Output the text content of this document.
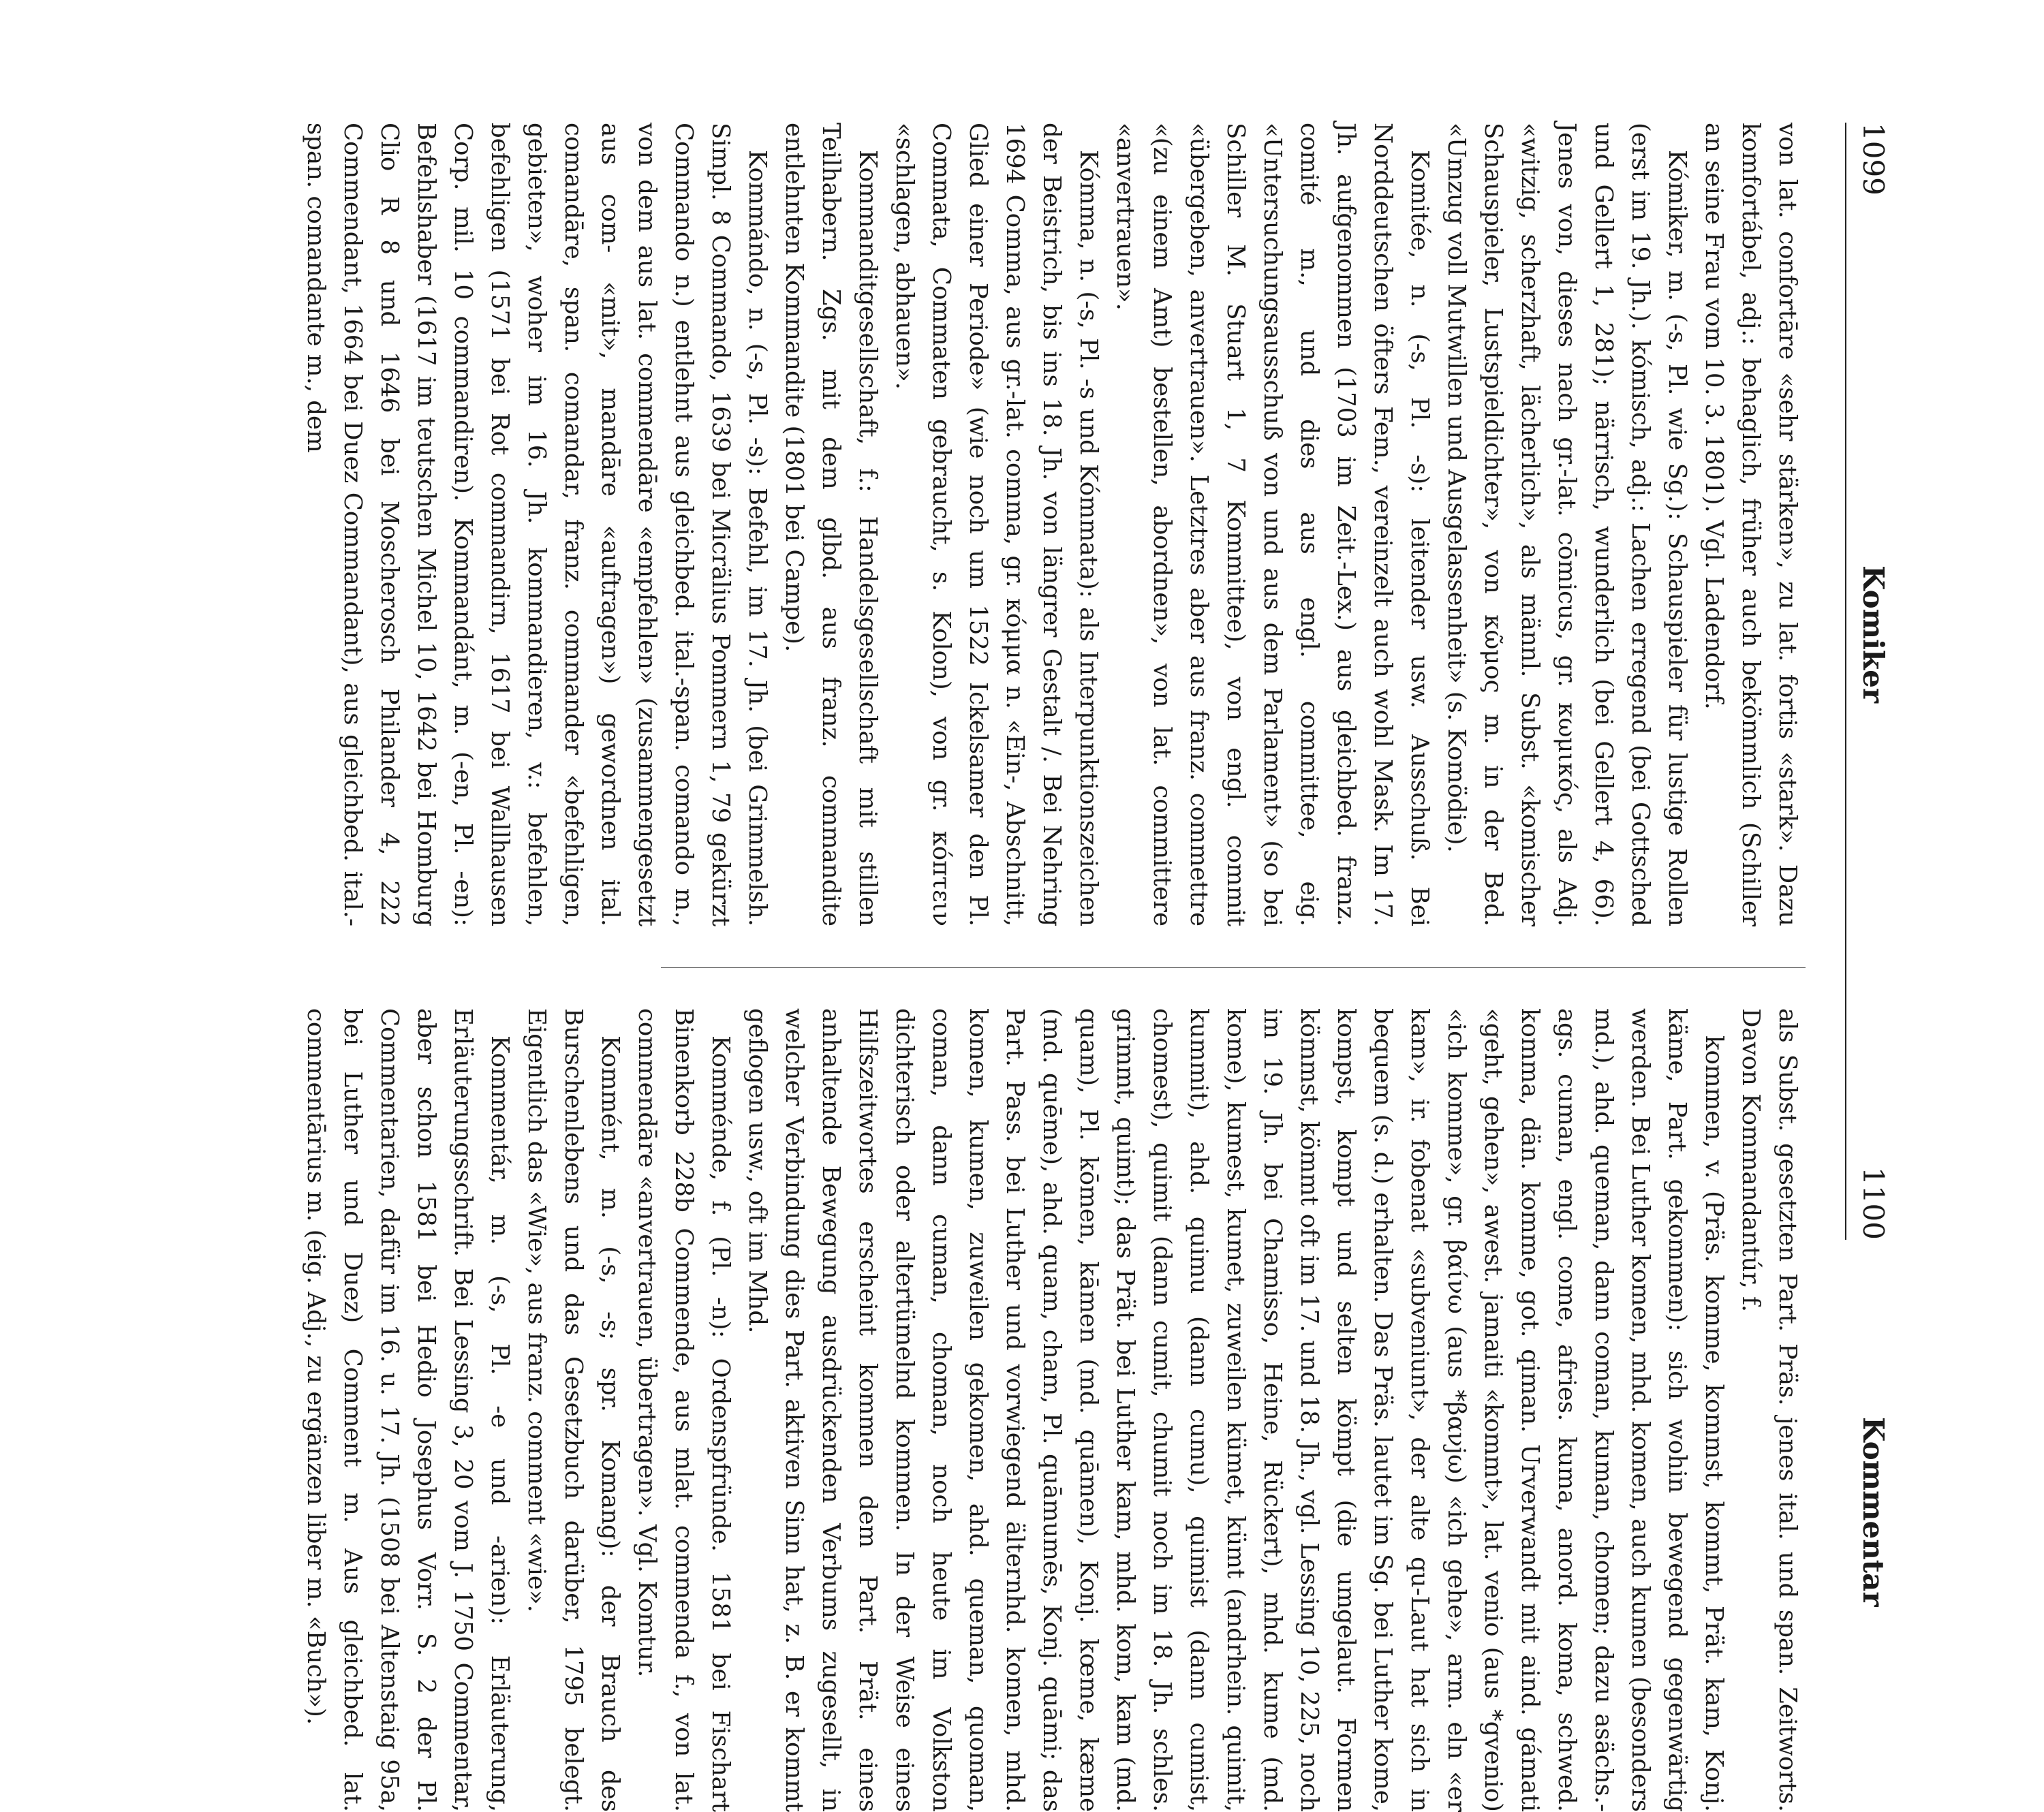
1099
Komiker
Kommentar
1100

von lat. confortāre «sehr stärken», zu lat. fortis «stark». Dazu komfortábel, adj.: behaglich, früher auch bekömmlich (Schiller an seine Frau vom 10. 3. 1801). Vgl. Ladendorf.

Kómiker, m. (-s, Pl. wie Sg.): Schauspieler für lustige Rollen (erst im 19. Jh.). kómisch, adj.: Lachen erregend (bei Gottsched und Gellert 1, 281); närrisch, wunderlich (bei Gellert 4, 66). Jenes von, dieses nach gr.-lat. cōmicus, gr. κωμικός, als Adj. «witzig, scherzhaft, lächerlich», als männl. Subst. «komischer Schauspieler, Lustspieldichter», von κῶμος m. in der Bed. «Umzug voll Mutwillen und Ausgelassenheit» (s. Komödie).

Komitée, n. (-s, Pl. -s): leitender usw. Ausschuß. Bei Norddeutschen öfters Fem., vereinzelt auch wohl Mask. Im 17. Jh. aufgenommen (1703 im Zeit.-Lex.) aus gleichbed. franz. comité m., und dies aus engl. committee, eig. «Untersuchungsausschuß von und aus dem Parlament» (so bei Schiller M. Stuart 1, 7 Kommittee), von engl. commit «übergeben, anvertrauen». Letztres aber aus franz. commettre «(zu einem Amt) bestellen, abordnen», von lat. committere «anvertrauen».

Kómma, n. (-s, Pl. -s und Kómmata): als Interpunktionszeichen der Beistrich, bis ins 18. Jh. von längrer Gestalt /. Bei Nehring 1694 Comma, aus gr.-lat. comma, gr. κόμμα n. «Ein-, Abschnitt, Glied einer Periode» (wie noch um 1522 Ickelsamer den Pl. Commata, Commaten gebraucht, s. Kolon), von gr. κόπτειν «schlagen, abhauen».

Kommanditgesellschaft, f.: Handelsgesellschaft mit stillen Teilhabern. Zgs. mit dem glbd. aus franz. commandite entlehnten Kommandite (1801 bei Campe).

Kommándo, n. (-s, Pl. -s): Befehl, im 17. Jh. (bei Grimmelsh. Simpl. 8 Commando, 1639 bei Micrälius Pommern 1, 79 gekürzt Commando n.) entlehnt aus gleichbed. ital.-span. comando m., von dem aus lat. commendāre «empfehlen» (zusammengesetzt aus com- «mit», mandāre «auftragen») gewordnen ital. comandāre, span. comandar, franz. commander «befehligen, gebieten», woher im 16. Jh. kommandieren, v.: befehlen, befehligen (1571 bei Rot commandirn, 1617 bei Wallhausen Corp. mil. 10 commandiren). Kommandánt, m. (-en, Pl. -en): Befehlshaber (1617 im teutschen Michel 10, 1642 bei Homburg Clio R 8 und 1646 bei Moscherosch Philander 4, 222 Commendant, 1664 bei Duez Commandant), aus gleichbed. ital.-span. comandante m., dem

als Subst. gesetzten Part. Präs. jenes ital. und span. Zeitworts. Davon Kommandantúr, f.

kommen, v. (Präs. komme, kommst, kommt, Prät. kam, Konj. käme, Part. gekommen): sich wohin bewegend gegenwärtig werden. Bei Luther komen, mhd. komen, auch kumen (besonders md.), ahd. queman, dann coman, kuman, chomen; dazu asächs.-ags. cuman, engl. come, afries. kuma, anord. koma, schwed. komma, dän. komme, got. qiman. Urverwandt mit aind. gámati «geht, gehen», awest. jamaiti «kommt», lat. venio (aus *gvenio) «ich komme», gr. βαίνω (aus *βανjω) «ich gehe», arm. eln «er kam», ir. fobenat «subveniunt», der alte qu-Laut hat sich in bequem (s. d.) erhalten. Das Präs. lautet im Sg. bei Luther kome, kompst, kompt und selten kömpt (die umgelaut. Formen kömmst, kömmt oft im 17. und 18. Jh., vgl. Lessing 10, 225, noch im 19. Jh. bei Chamisso, Heine, Rückert), mhd. kume (md. kome), kumest, kumet, zuweilen kümet, kümt (andrhein. quimit, kummit), ahd. quimu (dann cumu), quimist (dann cumist, chomest), quimit (dann cumit, chumit noch im 18. Jh. schles. grimmt, quimt); das Prät. bei Luther kam, mhd. kom, kam (md. quam), Pl. kōmen, kāmen (md. quāmen), Konj. kœme, kæme (md. quēme), ahd. quam, cham, Pl. quāmumēs, Konj. quāmi; das Part. Pass. bei Luther und vorwiegend älternhd. komen, mhd. komen, kumen, zuweilen gekomen, ahd. queman, quoman, coman, dann cuman, choman, noch heute im Volkston dichterisch oder altertümelnd kommen. In der Weise eines Hilfszeitwortes erscheint kommen dem Part. Prät. eines anhaltende Bewegung ausdrückenden Verbums zugesellt, in welcher Verbindung dies Part. aktiven Sinn hat, z. B. er kommt geflogen usw., oft im Mhd.

Komménde, f. (Pl. -n): Ordenspfründe. 1581 bei Fischart Binenkorb 228b Commende, aus mlat. commenda f., von lat. commendāre «anvertrauen, übertragen». Vgl. Komtur.

Kommént, m. (-s, -s; spr. Komang): der Brauch des Burschenlebens und das Gesetzbuch darüber, 1795 belegt. Eigentlich das «Wie», aus franz. comment «wie».

Kommentár, m. (-s, Pl. -e und -arien): Erläuterung, Erläuterungsschrift. Bei Lessing 3, 20 vom J. 1750 Commentar, aber schon 1581 bei Hedio Josephus Vorr. S. 2 der Pl. Commentarien, dafür im 16. u. 17. Jh. (1508 bei Altenstaig 95a, bei Luther und Duez) Comment m. Aus gleichbed. lat. commentārius m. (eig. Adj., zu ergänzen liber m. «Buch»).
